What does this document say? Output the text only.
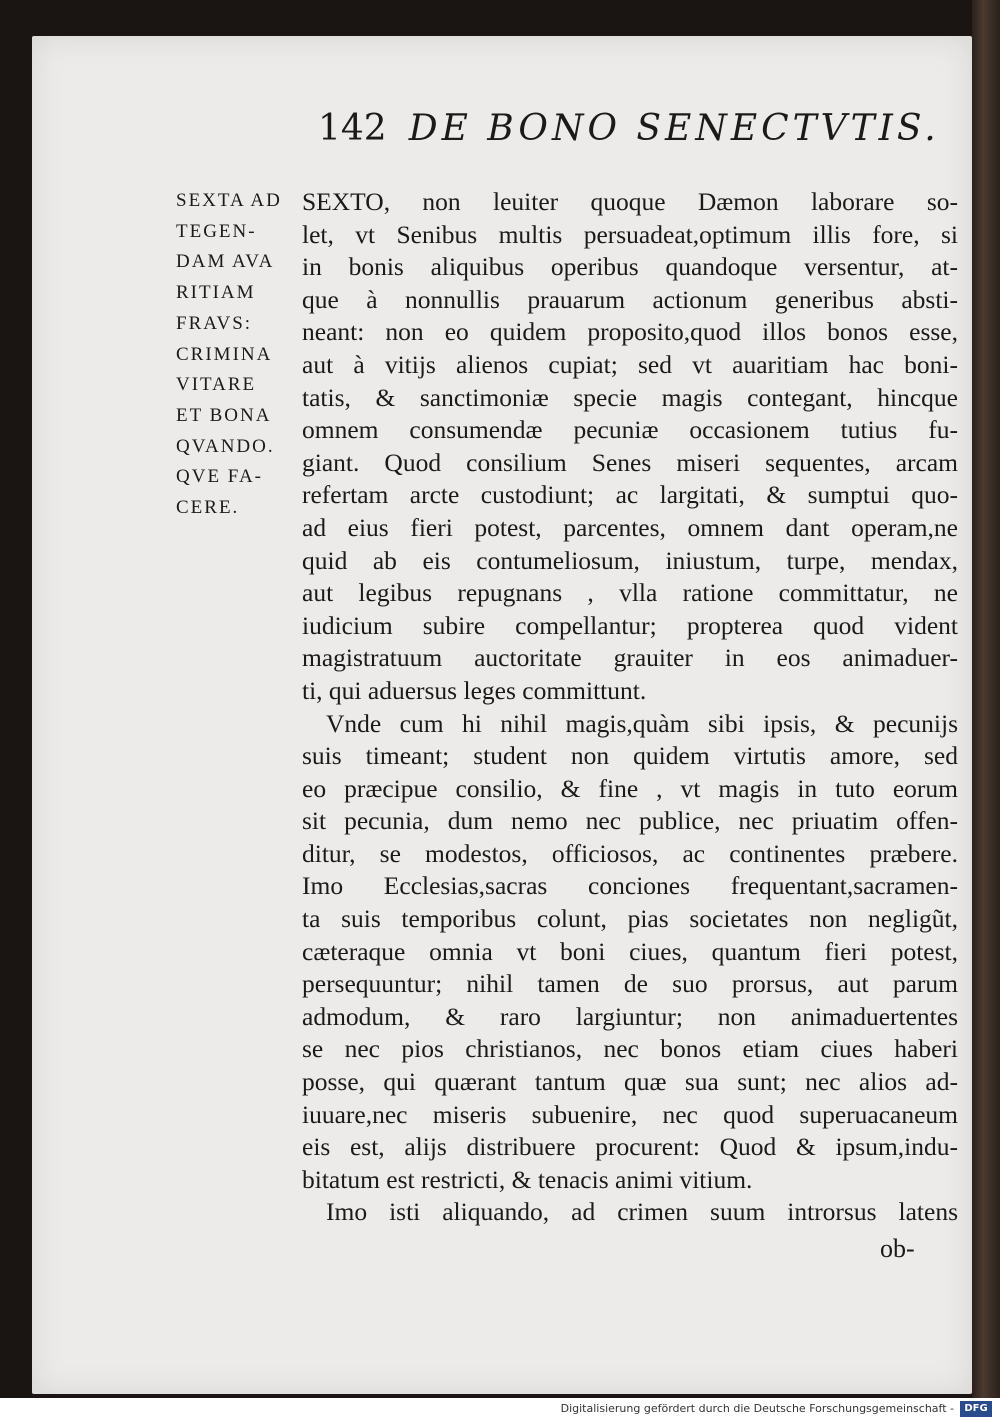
142 DE BONO SENECTVTIS.
SEXTA AD
TEGEN-
DAM AVA
RITIAM
FRAVS:
CRIMINA
VITARE
ET BONA
QVANDO.
QVE FA-
CERE.
SEXTO, non leuiter quoque Dæmon laborare so-
let, vt Senibus multis persuadeat,optimum illis fore, si
in bonis aliquibus operibus quandoque versentur, at-
que à nonnullis prauarum actionum generibus absti-
neant: non eo quidem proposito,quod illos bonos esse,
aut à vitijs alienos cupiat; sed vt auaritiam hac boni-
tatis, & sanctimoniæ specie magis contegant, hincque
omnem consumendæ pecuniæ occasionem tutius fu-
giant. Quod consilium Senes miseri sequentes, arcam
refertam arcte custodiunt; ac largitati, & sumptui quo-
ad eius fieri potest, parcentes, omnem dant operam,ne
quid ab eis contumeliosum, iniustum, turpe, mendax,
aut legibus repugnans , vlla ratione committatur, ne
iudicium subire compellantur; propterea quod vident
magistratuum auctoritate grauiter in eos animaduer-
ti, qui aduersus leges committunt.
Vnde cum hi nihil magis,quàm sibi ipsis, & pecunijs
suis timeant; student non quidem virtutis amore, sed
eo præcipue consilio, & fine , vt magis in tuto eorum
sit pecunia, dum nemo nec publice, nec priuatim offen-
ditur, se modestos, officiosos, ac continentes præbere.
Imo Ecclesias,sacras conciones frequentant,sacramen-
ta suis temporibus colunt, pias societates non negligũt,
cæteraque omnia vt boni ciues, quantum fieri potest,
persequuntur; nihil tamen de suo prorsus, aut parum
admodum, & raro largiuntur; non animaduertentes
se nec pios christianos, nec bonos etiam ciues haberi
posse, qui quærant tantum quæ sua sunt; nec alios ad-
iuuare,nec miseris subuenire, nec quod superuacaneum
eis est, alijs distribuere procurent: Quod & ipsum,indu-
bitatum est restricti, & tenacis animi vitium.
Imo isti aliquando, ad crimen suum introrsus latens
ob-
Digitalisierung gefördert durch die Deutsche Forschungsgemeinschaft -	DFG
